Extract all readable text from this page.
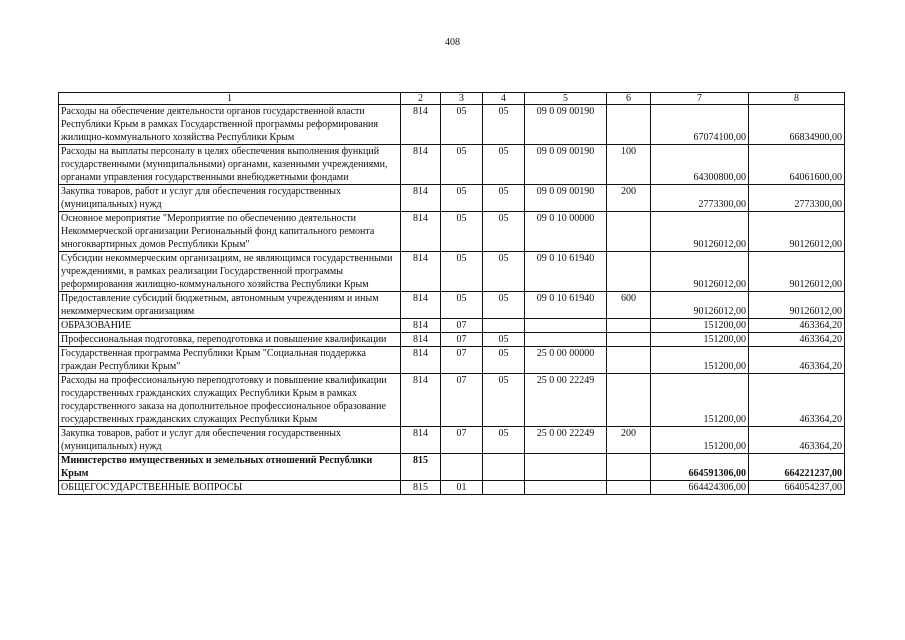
408
1	2	3	4	5	6	7	8
Расходы на обеспечение деятельности органов государственной власти Республики Крым в рамках Государственной программы реформирования жилищно-коммунального хозяйства Республики Крым	814	05	05	09 0 09 00190		67074100,00	66834900,00
Расходы на выплаты персоналу в целях обеспечения выполнения функций государственными (муниципальными) органами, казенными учреждениями, органами управления государственными внебюджетными фондами	814	05	05	09 0 09 00190	100	64300800,00	64061600,00
Закупка товаров, работ и услуг для обеспечения государственных (муниципальных) нужд	814	05	05	09 0 09 00190	200	2773300,00	2773300,00
Основное мероприятие "Мероприятие по обеспечению деятельности Некоммерческой организации Региональный фонд капитального ремонта многоквартирных домов Республики Крым"	814	05	05	09 0 10 00000		90126012,00	90126012,00
Субсидии некоммерческим организациям, не являющимся государственными учреждениями, в рамках реализации Государственной программы реформирования жилищно-коммунального хозяйства Республики Крым	814	05	05	09 0 10 61940		90126012,00	90126012,00
Предоставление субсидий бюджетным, автономным учреждениям и иным некоммерческим организациям	814	05	05	09 0 10 61940	600	90126012,00	90126012,00
ОБРАЗОВАНИЕ	814	07				151200,00	463364,20
Профессиональная подготовка, переподготовка и повышение квалификации	814	07	05			151200,00	463364,20
Государственная программа Республики Крым "Социальная поддержка граждан Республики Крым"	814	07	05	25 0 00 00000		151200,00	463364,20
Расходы на профессиональную переподготовку и повышение квалификации государственных гражданских служащих Республики Крым в рамках государственного заказа на дополнительное профессиональное образование государственных гражданских служащих Республики Крым	814	07	05	25 0 00 22249		151200,00	463364,20
Закупка товаров, работ и услуг для обеспечения государственных (муниципальных) нужд	814	07	05	25 0 00 22249	200	151200,00	463364,20
Министерство имущественных и земельных отношений Республики Крым	815					664591306,00	664221237,00
ОБЩЕГОСУДАРСТВЕННЫЕ ВОПРОСЫ	815	01				664424306,00	664054237,00
